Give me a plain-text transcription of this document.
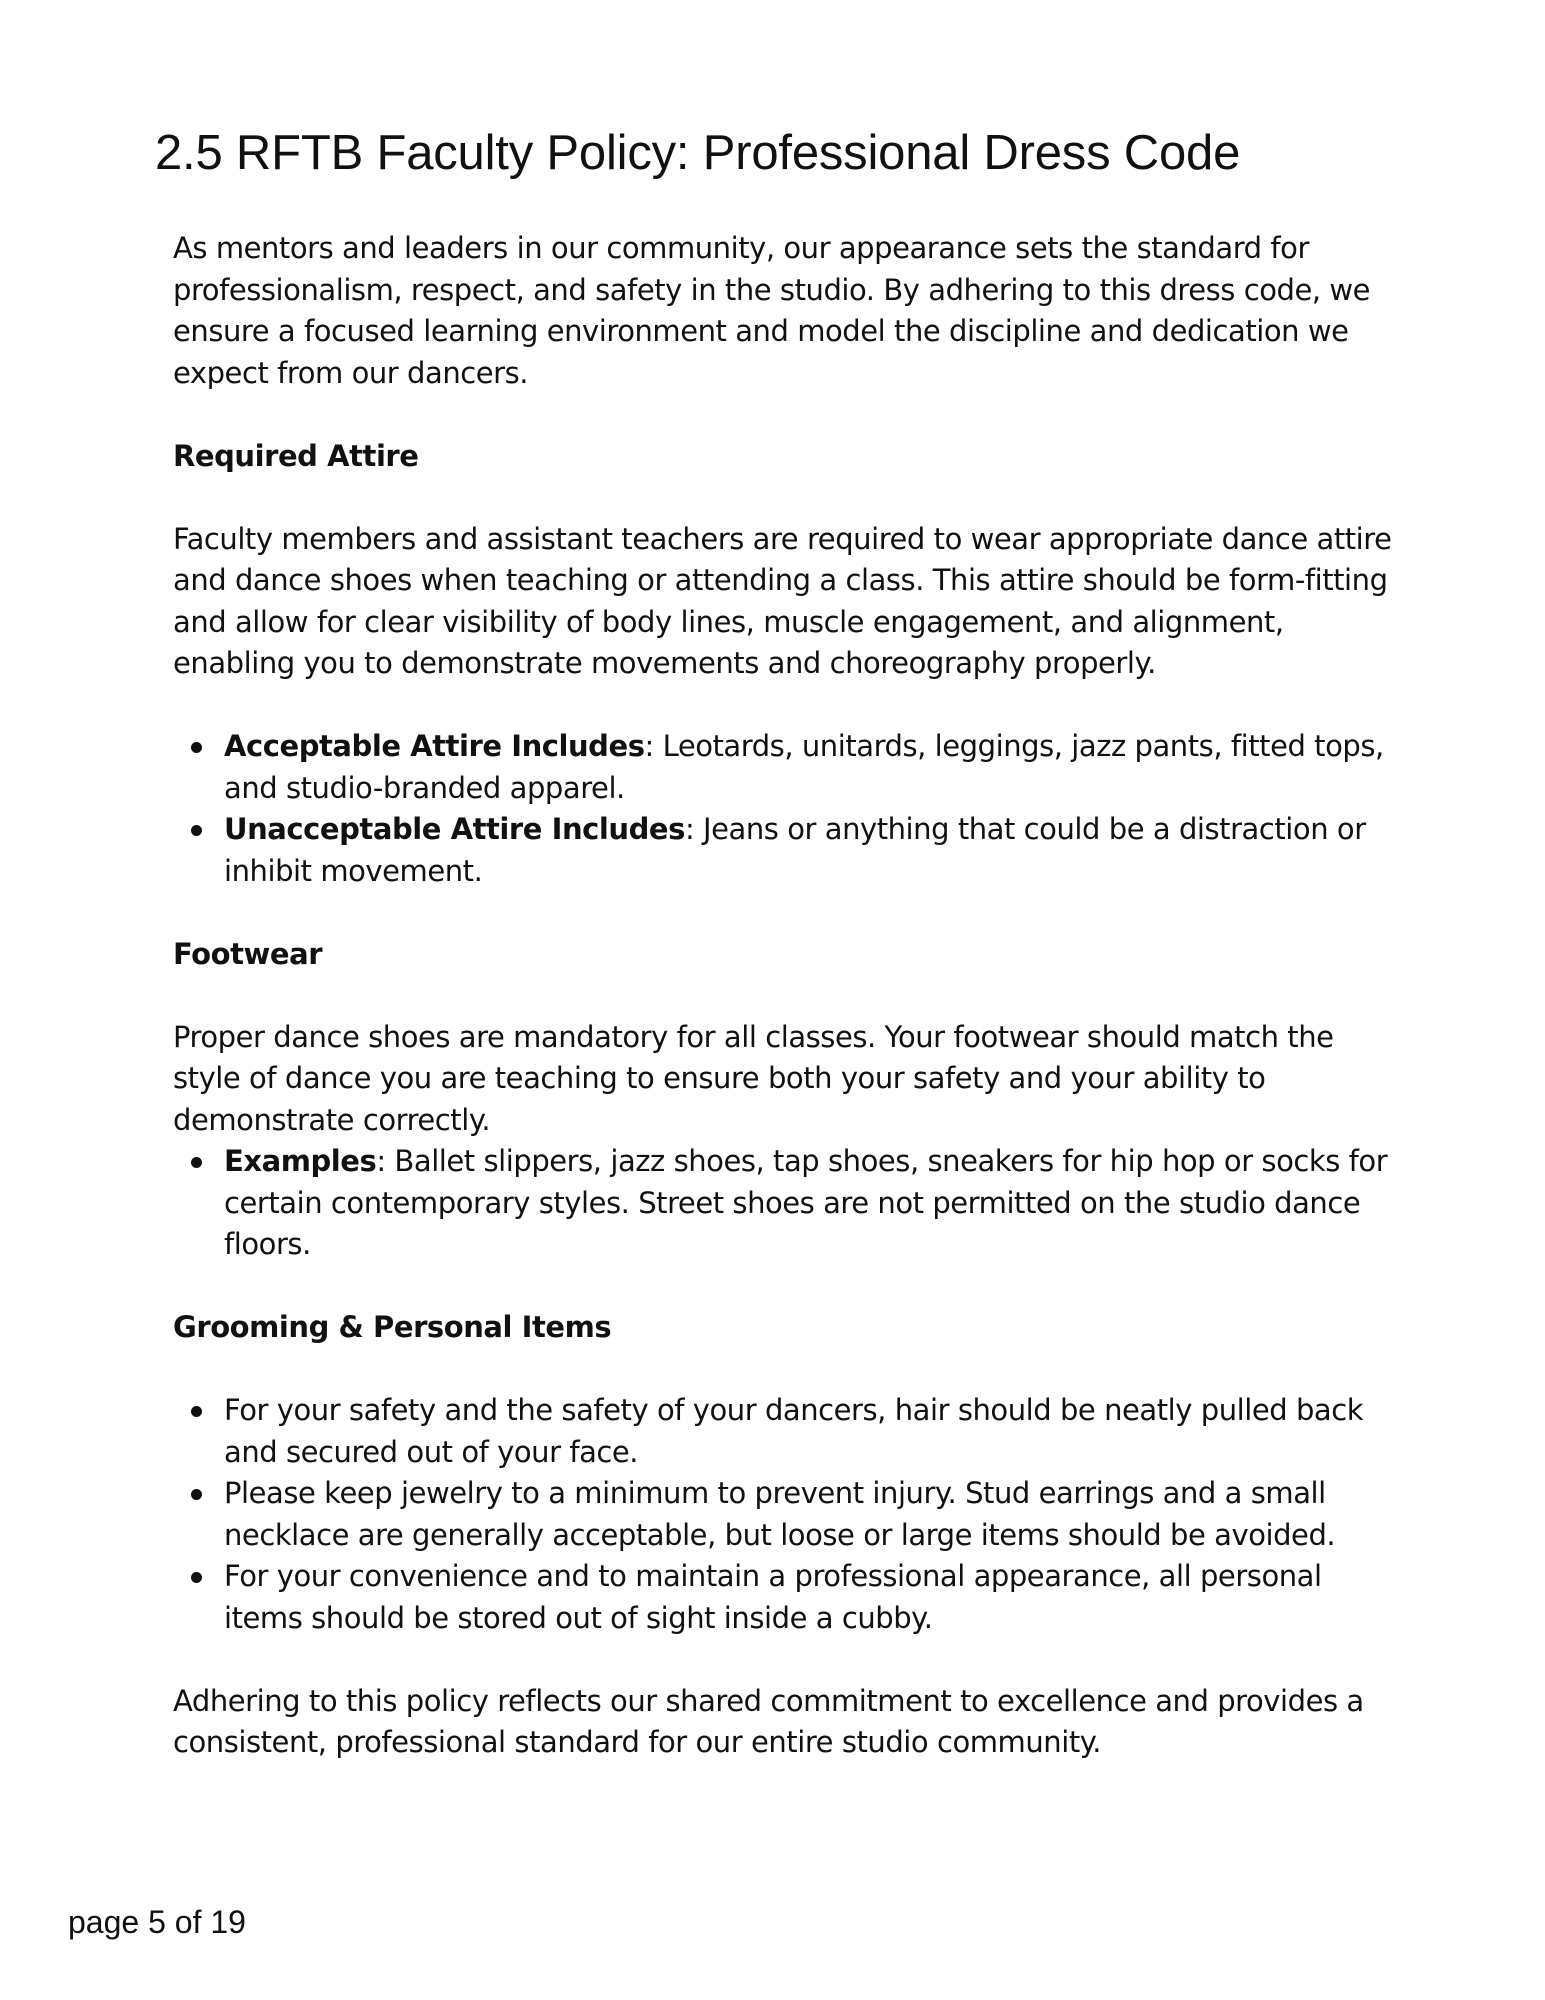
2.5 RFTB Faculty Policy: Professional Dress Code

As mentors and leaders in our community, our appearance sets the standard for professionalism, respect, and safety in the studio. By adhering to this dress code, we ensure a focused learning environment and model the discipline and dedication we expect from our dancers.

Required Attire

Faculty members and assistant teachers are required to wear appropriate dance attire and dance shoes when teaching or attending a class. This attire should be form-fitting and allow for clear visibility of body lines, muscle engagement, and alignment, enabling you to demonstrate movements and choreography properly.

Acceptable Attire Includes: Leotards, unitards, leggings, jazz pants, fitted tops, and studio-branded apparel.
Unacceptable Attire Includes: Jeans or anything that could be a distraction or inhibit movement.
Footwear

Proper dance shoes are mandatory for all classes. Your footwear should match the style of dance you are teaching to ensure both your safety and your ability to demonstrate correctly.

Examples: Ballet slippers, jazz shoes, tap shoes, sneakers for hip hop or socks for certain contemporary styles. Street shoes are not permitted on the studio dance floors.
Grooming & Personal Items
For your safety and the safety of your dancers, hair should be neatly pulled back and secured out of your face.
Please keep jewelry to a minimum to prevent injury. Stud earrings and a small necklace are generally acceptable, but loose or large items should be avoided.
For your convenience and to maintain a professional appearance, all personal items should be stored out of sight inside a cubby.

Adhering to this policy reflects our shared commitment to excellence and provides a consistent, professional standard for our entire studio community.

page 5 of 19
